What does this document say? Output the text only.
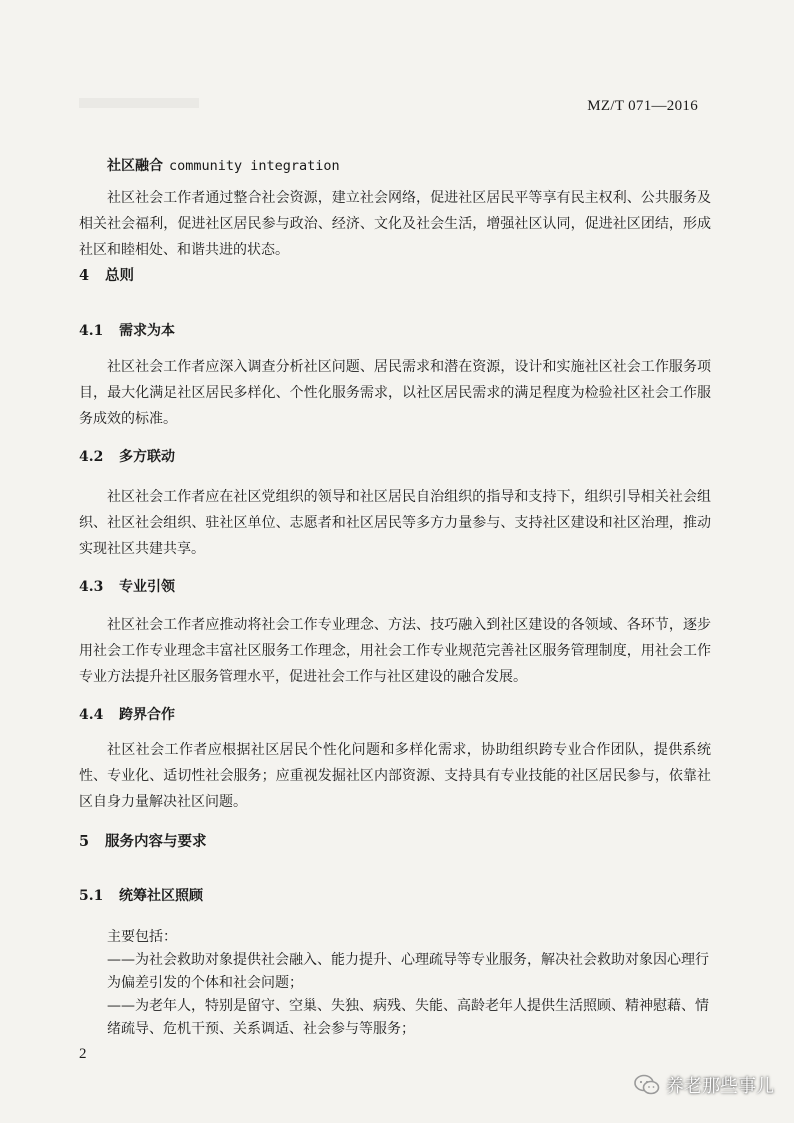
MZ/T 071—2016
社区融合 community integration

社区社会工作者通过整合社会资源，建立社会网络，促进社区居民平等享有民主权利、公共服务及相关社会福利，促进社区居民参与政治、经济、文化及社会生活，增强社区认同，促进社区团结，形成社区和睦相处、和谐共进的状态。

4 总则
4.1 需求为本

社区社会工作者应深入调查分析社区问题、居民需求和潜在资源，设计和实施社区社会工作服务项目，最大化满足社区居民多样化、个性化服务需求，以社区居民需求的满足程度为检验社区社会工作服务成效的标准。

4.2 多方联动

社区社会工作者应在社区党组织的领导和社区居民自治组织的指导和支持下，组织引导相关社会组织、社区社会组织、驻社区单位、志愿者和社区居民等多方力量参与、支持社区建设和社区治理，推动实现社区共建共享。

4.3 专业引领

社区社会工作者应推动将社会工作专业理念、方法、技巧融入到社区建设的各领域、各环节，逐步用社会工作专业理念丰富社区服务工作理念，用社会工作专业规范完善社区服务管理制度，用社会工作专业方法提升社区服务管理水平，促进社会工作与社区建设的融合发展。

4.4 跨界合作

社区社会工作者应根据社区居民个性化问题和多样化需求，协助组织跨专业合作团队，提供系统性、专业化、适切性社会服务；应重视发掘社区内部资源、支持具有专业技能的社区居民参与，依靠社区自身力量解决社区问题。

5 服务内容与要求
5.1 统筹社区照顾
主要包括：
——为社会救助对象提供社会融入、能力提升、心理疏导等专业服务，解决社会救助对象因心理行
为偏差引发的个体和社会问题；
——为老年人，特别是留守、空巢、失独、病残、失能、高龄老年人提供生活照顾、精神慰藉、情
绪疏导、危机干预、关系调适、社会参与等服务；
2
养老那些事儿
